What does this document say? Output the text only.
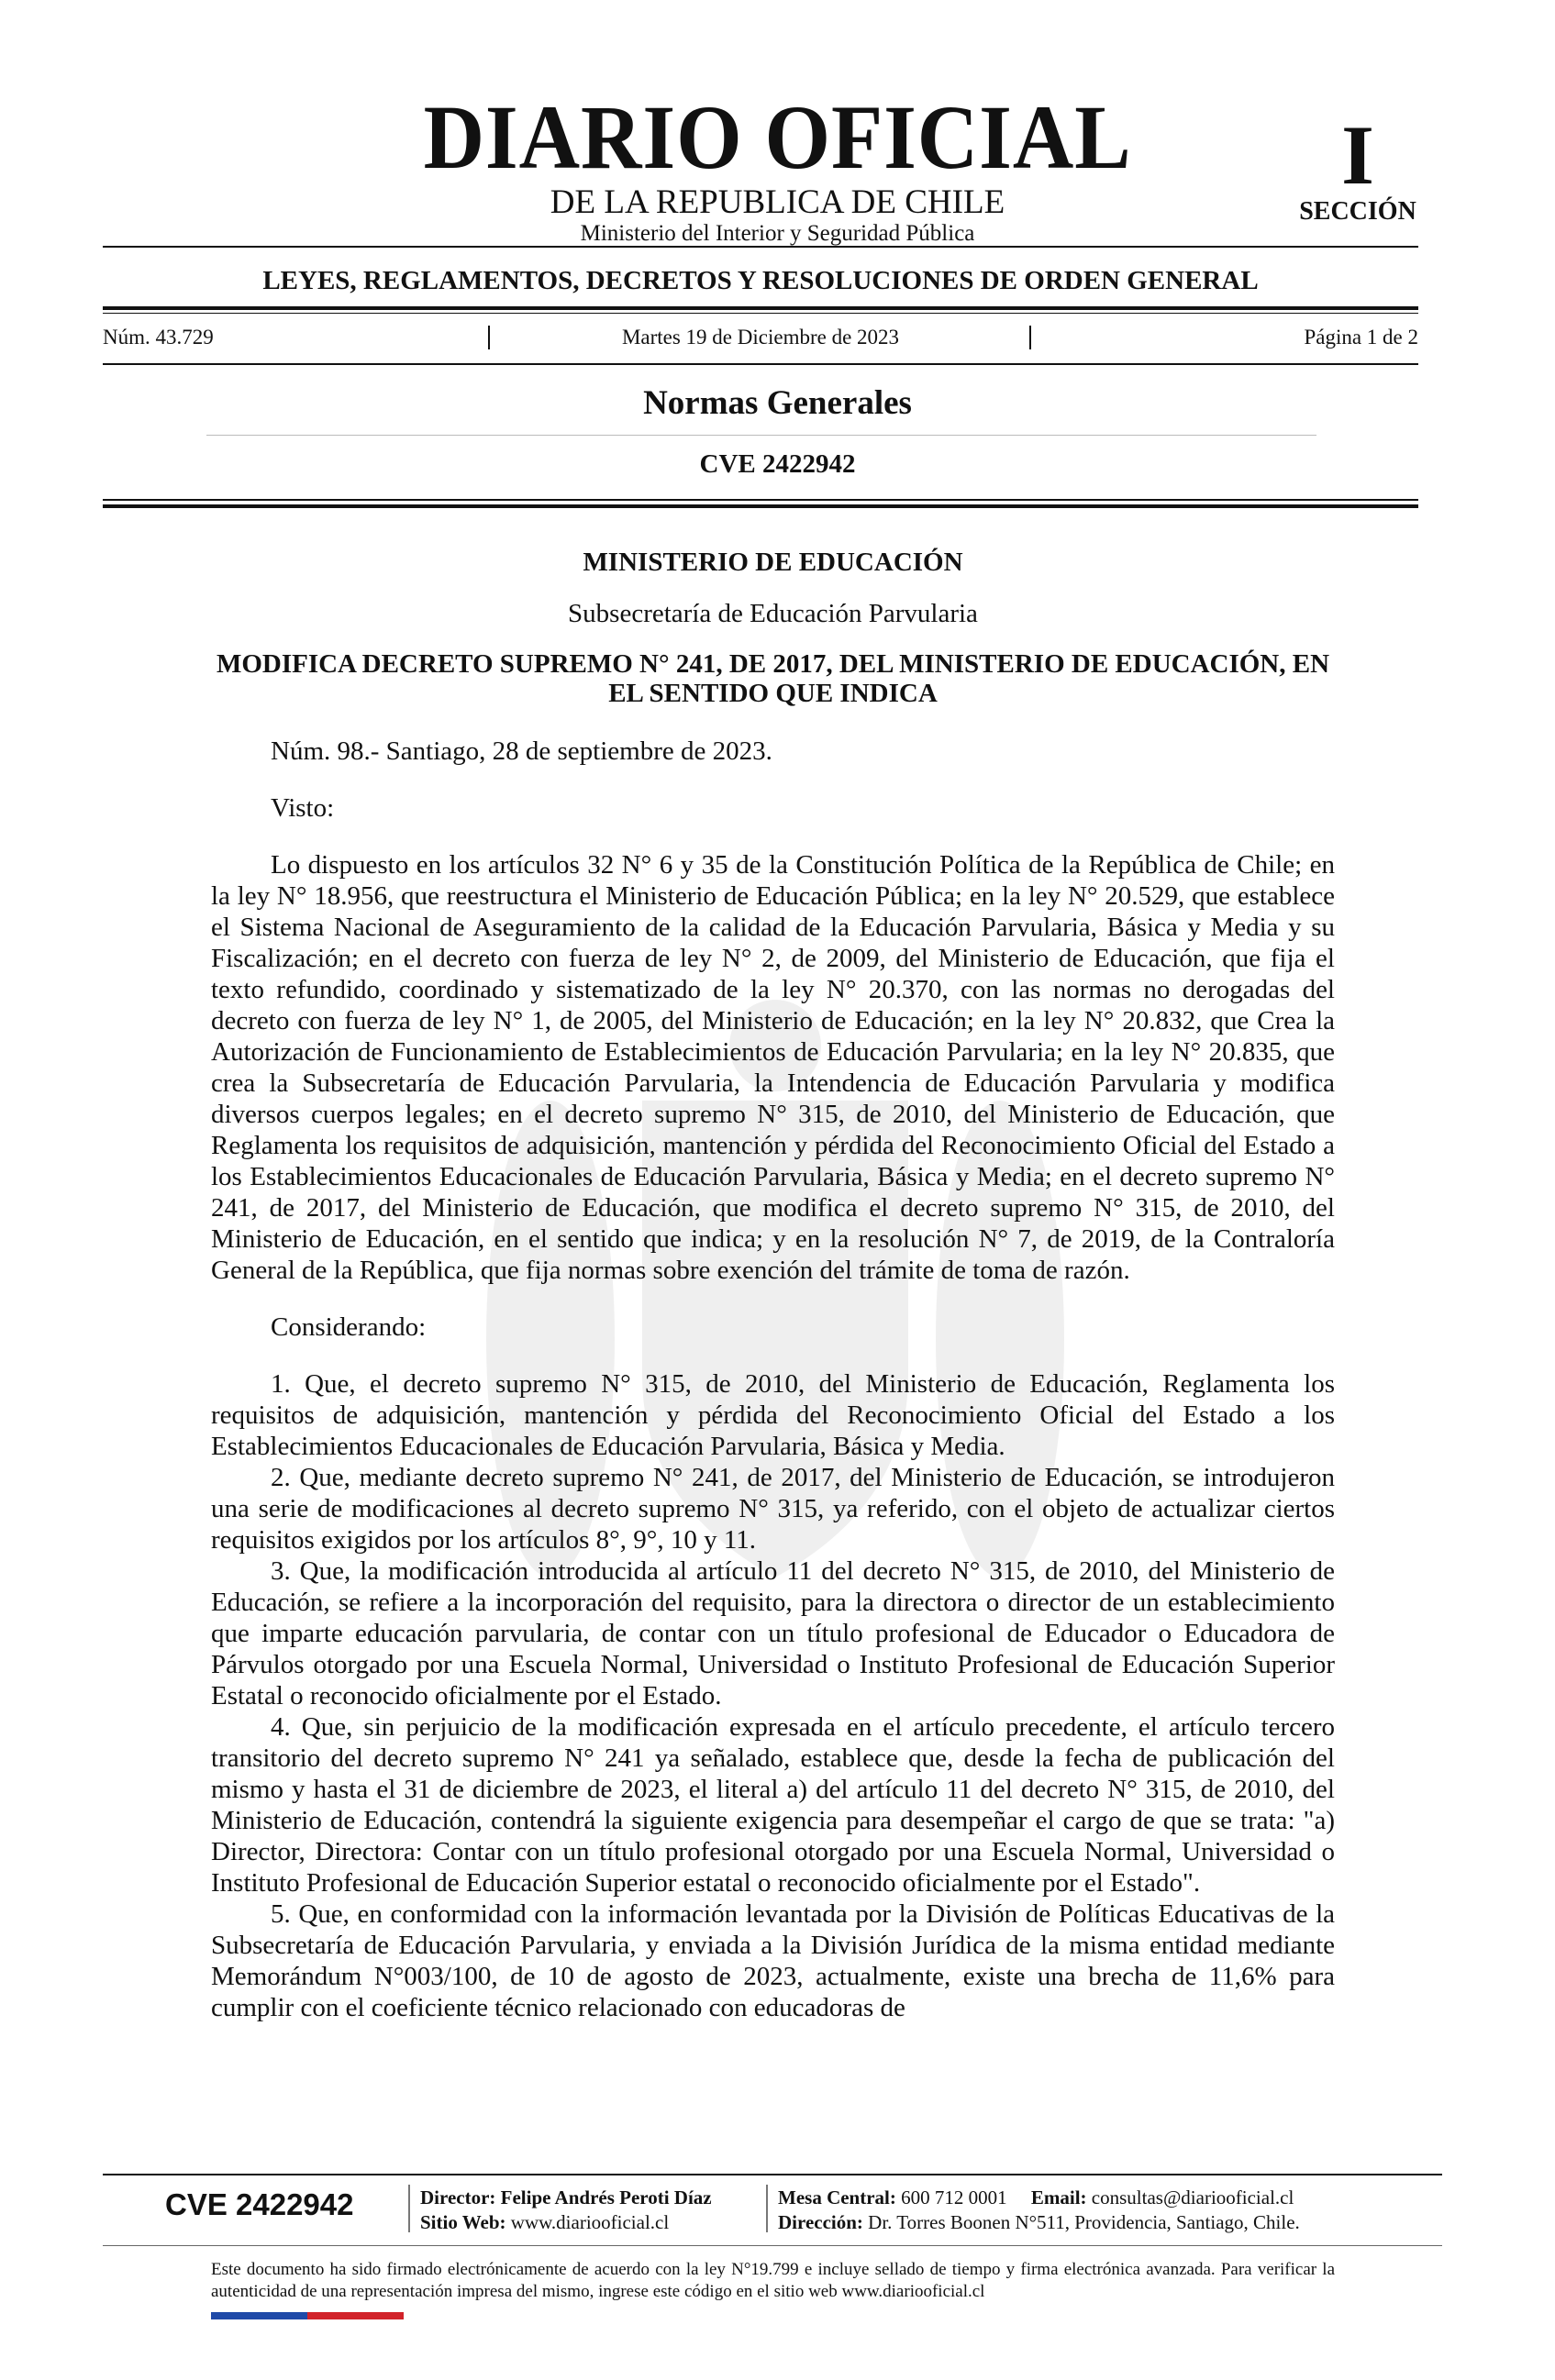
DIARIO OFICIAL
DE LA REPUBLICA DE CHILE
Ministerio del Interior y Seguridad Pública
I
SECCIÓN
LEYES, REGLAMENTOS, DECRETOS Y RESOLUCIONES DE ORDEN GENERAL
Núm. 43.729	Martes 19 de Diciembre de 2023	Página 1 de 2
Normas Generales
CVE 2422942
MINISTERIO DE EDUCACIÓN
Subsecretaría de Educación Parvularia
MODIFICA DECRETO SUPREMO N° 241, DE 2017, DEL MINISTERIO DE EDUCACIÓN, EN EL SENTIDO QUE INDICA

Núm. 98.- Santiago, 28 de septiembre de 2023.

Visto:

Lo dispuesto en los artículos 32 N° 6 y 35 de la Constitución Política de la República de Chile; en la ley N° 18.956, que reestructura el Ministerio de Educación Pública; en la ley N° 20.529, que establece el Sistema Nacional de Aseguramiento de la calidad de la Educación Parvularia, Básica y Media y su Fiscalización; en el decreto con fuerza de ley N° 2, de 2009, del Ministerio de Educación, que fija el texto refundido, coordinado y sistematizado de la ley N° 20.370, con las normas no derogadas del decreto con fuerza de ley N° 1, de 2005, del Ministerio de Educación; en la ley N° 20.832, que Crea la Autorización de Funcionamiento de Establecimientos de Educación Parvularia; en la ley N° 20.835, que crea la Subsecretaría de Educación Parvularia, la Intendencia de Educación Parvularia y modifica diversos cuerpos legales; en el decreto supremo N° 315, de 2010, del Ministerio de Educación, que Reglamenta los requisitos de adquisición, mantención y pérdida del Reconocimiento Oficial del Estado a los Establecimientos Educacionales de Educación Parvularia, Básica y Media; en el decreto supremo N° 241, de 2017, del Ministerio de Educación, que modifica el decreto supremo N° 315, de 2010, del Ministerio de Educación, en el sentido que indica; y en la resolución N° 7, de 2019, de la Contraloría General de la República, que fija normas sobre exención del trámite de toma de razón.

Considerando:

1. Que, el decreto supremo N° 315, de 2010, del Ministerio de Educación, Reglamenta los requisitos de adquisición, mantención y pérdida del Reconocimiento Oficial del Estado a los Establecimientos Educacionales de Educación Parvularia, Básica y Media.

2. Que, mediante decreto supremo N° 241, de 2017, del Ministerio de Educación, se introdujeron una serie de modificaciones al decreto supremo N° 315, ya referido, con el objeto de actualizar ciertos requisitos exigidos por los artículos 8°, 9°, 10 y 11.

3. Que, la modificación introducida al artículo 11 del decreto N° 315, de 2010, del Ministerio de Educación, se refiere a la incorporación del requisito, para la directora o director de un establecimiento que imparte educación parvularia, de contar con un título profesional de Educador o Educadora de Párvulos otorgado por una Escuela Normal, Universidad o Instituto Profesional de Educación Superior Estatal o reconocido oficialmente por el Estado.

4. Que, sin perjuicio de la modificación expresada en el artículo precedente, el artículo tercero transitorio del decreto supremo N° 241 ya señalado, establece que, desde la fecha de publicación del mismo y hasta el 31 de diciembre de 2023, el literal a) del artículo 11 del decreto N° 315, de 2010, del Ministerio de Educación, contendrá la siguiente exigencia para desempeñar el cargo de que se trata: "a) Director, Directora: Contar con un título profesional otorgado por una Escuela Normal, Universidad o Instituto Profesional de Educación Superior estatal o reconocido oficialmente por el Estado".

5. Que, en conformidad con la información levantada por la División de Políticas Educativas de la Subsecretaría de Educación Parvularia, y enviada a la División Jurídica de la misma entidad mediante Memorándum N°003/100, de 10 de agosto de 2023, actualmente, existe una brecha de 11,6% para cumplir con el coeficiente técnico relacionado con educadoras de

CVE 2422942	Director: Felipe Andrés Peroti Díaz
Sitio Web: www.diariooficial.cl
Mesa Central: 600 712 0001 Email: consultas@diariooficial.cl
Dirección: Dr. Torres Boonen N°511, Providencia, Santiago, Chile.
Este documento ha sido firmado electrónicamente de acuerdo con la ley N°19.799 e incluye sellado de tiempo y firma electrónica avanzada. Para verificar la autenticidad de una representación impresa del mismo, ingrese este código en el sitio web www.diariooficial.cl
